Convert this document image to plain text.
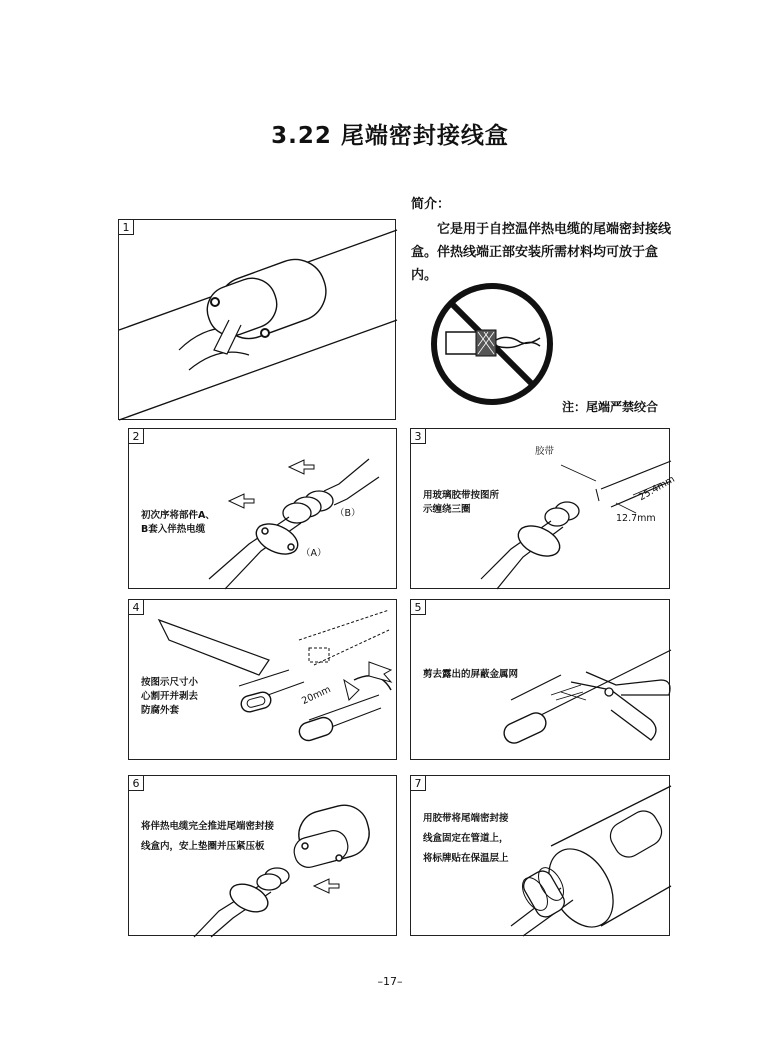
3.22 尾端密封接线盒
简介：
它是用于自控温伴热电缆的尾端密封接线盒。伴热线端正部安装所需材料均可放于盒内。
注：尾端严禁绞合
1
2
初次序将部件A、
B套入伴热电缆
（B）
（A）
3
用玻璃胶带按图所
示缠绕三圈
胶带
25.4mm
12.7mm
4
按图示尺寸小
心割开并剥去
防腐外套
20mm
5
剪去露出的屏蔽金属网
6
将伴热电缆完全推进尾端密封接
线盒内，安上垫圈并压紧压板
7
用胶带将尾端密封接
线盒固定在管道上，
将标牌贴在保温层上
–17–
